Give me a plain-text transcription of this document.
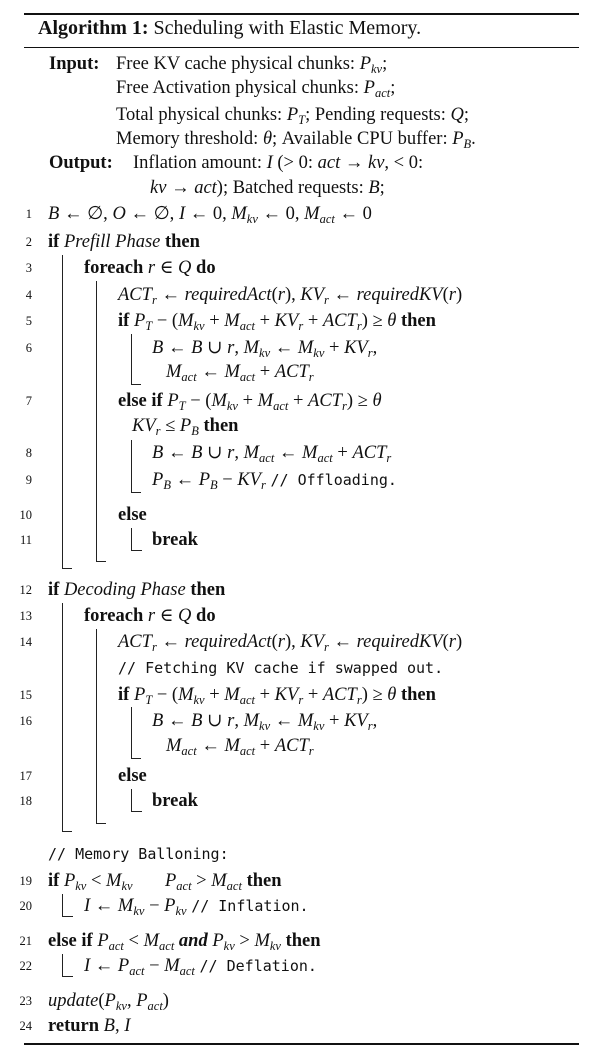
Algorithm 1: Scheduling with Elastic Memory.
Input: Free KV cache physical chunks: $P_{kv}$;
Free Activation physical chunks: $P_{act}$;
Total physical chunks: $P_T$; Pending requests: Q;
Memory threshold: θ; Available CPU buffer: $P_B$.
Output: Inflation amount: I (> 0: act → kv, < 0:
kv → act); Batched requests: B;
1
2
3
4
5
6
7
8
9
10
11
12
13
14
15
16
17
18
19
20
21
22
23
24
B ← ∅, O ← ∅, I ← 0, $M_{kv}$ ← 0, $M_{act}$ ← 0
if Prefill Phase then
foreach r ∈ Q do
$ACT_r$ ← requiredAct(r), $KV_r$ ← requiredKV(r)
if $P_T - (M_{kv} + M_{act} + KV_r + ACT_r) \ge \theta$ then
B ← B ∪ r, $M_{kv}$ ← $M_{kv} + KV_r$,
$M_{act}$ ← $M_{act} + ACT_r$
else if $P_T - (M_{kv} + M_{act} + ACT_r) \ge \theta$
$KV_r \le P_B$ then
B ← B ∪ r, $M_{act}$ ← $M_{act} + ACT_r$
$P_B$ ← $P_B - KV_r$ // Offloading.
else
break
if Decoding Phase then
foreach r ∈ Q do
$ACT_r$ ← requiredAct(r), $KV_r$ ← requiredKV(r)
// Fetching KV cache if swapped out.
if $P_T - (M_{kv} + M_{act} + KV_r + ACT_r) \ge \theta$ then
B ← B ∪ r, $M_{kv}$ ← $M_{kv} + KV_r$,
$M_{act}$ ← $M_{act} + ACT_r$
else
break
// Memory Balloning:
if $P_{kv} < M_{kv}$ $P_{act} > M_{act}$ then
I ← $M_{kv} - P_{kv}$ // Inflation.
else if $P_{act} < M_{act}$ and $P_{kv} > M_{kv}$ then
I ← $P_{act} - M_{act}$ // Deflation.
$update(P_{kv}$, $P_{act}$)
return B, I
